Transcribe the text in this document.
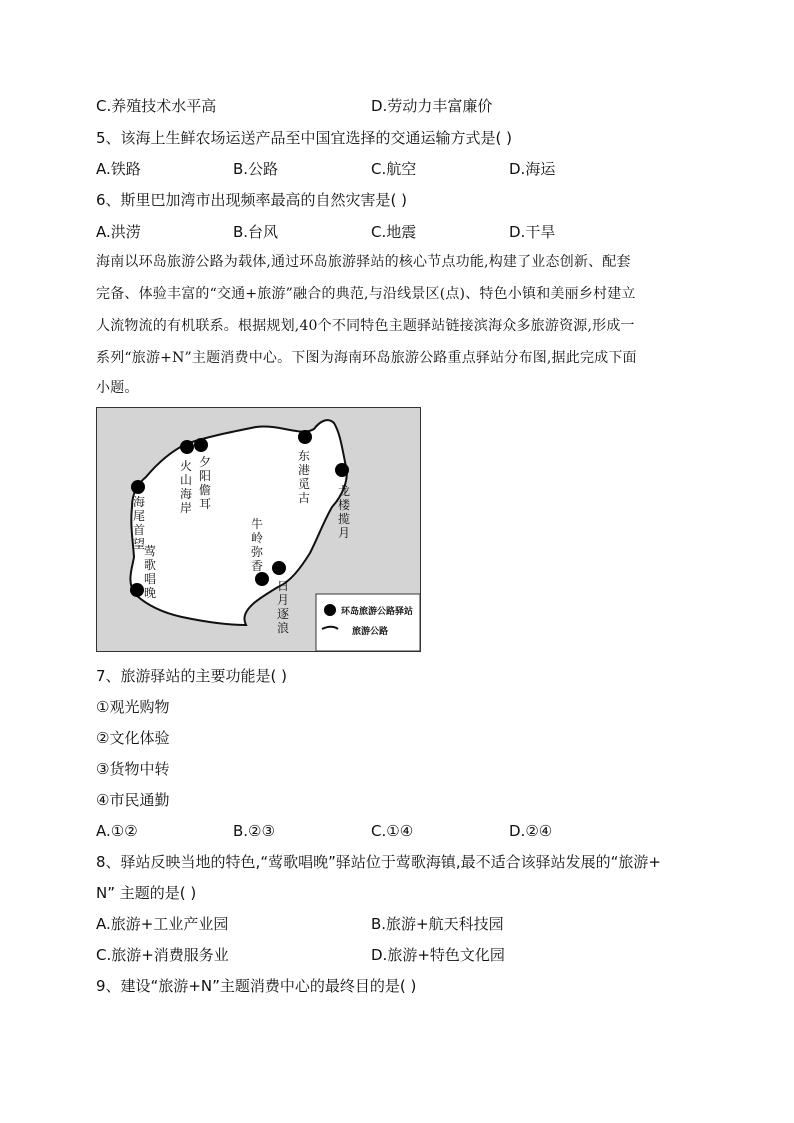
C.养殖技术水平高	D.劳动力丰富廉价
5、该海上生鲜农场运送产品至中国宜选择的交通运输方式是( )
A.铁路	B.公路	C.航空	D.海运
6、斯里巴加湾市出现频率最高的自然灾害是( )
A.洪涝	B.台风	C.地震	D.干旱
海南以环岛旅游公路为载体,通过环岛旅游驿站的核心节点功能,构建了业态创新、配套
完备、体验丰富的“交通+旅游”融合的典范,与沿线景区(点)、特色小镇和美丽乡村建立
人流物流的有机联系。根据规划,40个不同特色主题驿站链接滨海众多旅游资源,形成一
系列“旅游+N”主题消费中心。下图为海南环岛旅游公路重点驿站分布图,据此完成下面
小题。
火
山
海
岸
夕
阳
儋
耳
东
港
觅
古 龙
楼
揽
月
海
尾
首
望
莺
歌
唱
晚
牛
岭
弥
香
日
月
逐
浪
环岛旅游公路驿站
旅游公路
7、旅游驿站的主要功能是( )
①观光购物
②文化体验
③货物中转
④市民通勤
A.①②	B.②③	C.①④	D.②④
8、驿站反映当地的特色,“莺歌唱晚”驿站位于莺歌海镇,最不适合该驿站发展的“旅游+
N” 主题的是( )
A.旅游+工业产业园	B.旅游+航天科技园
C.旅游+消费服务业	D.旅游+特色文化园
9、建设“旅游+N”主题消费中心的最终目的是( )
